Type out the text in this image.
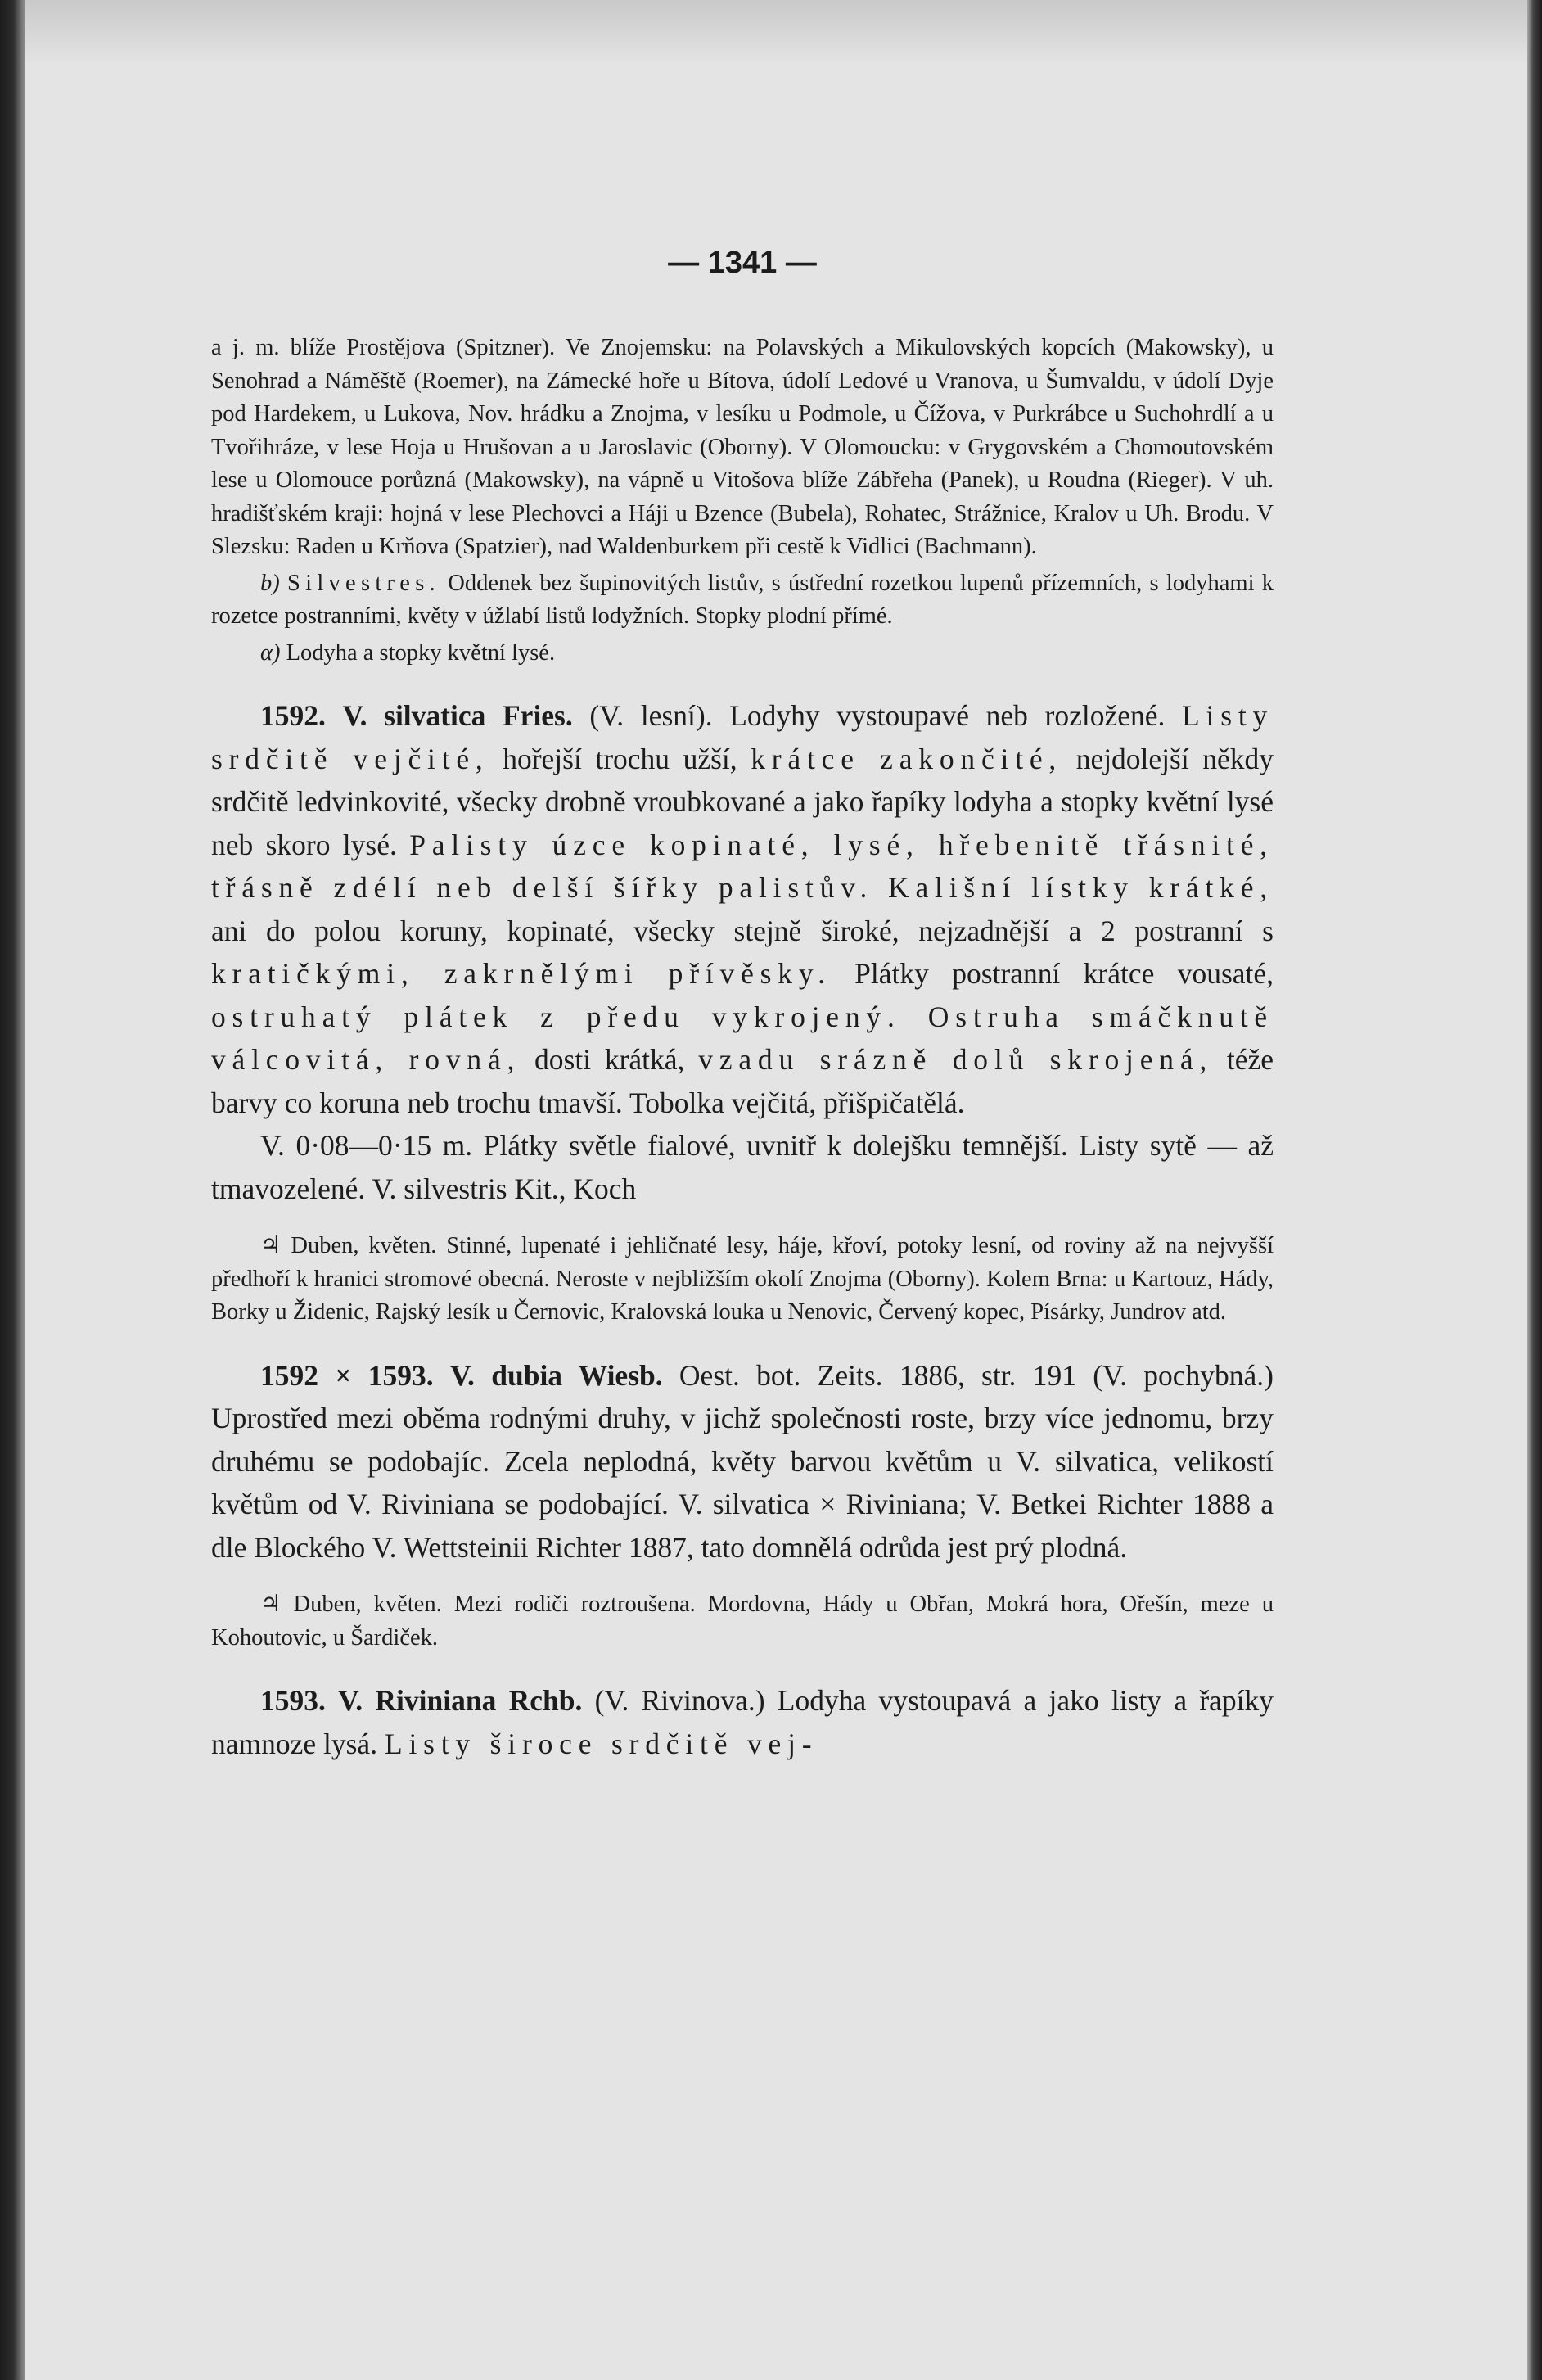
— 1341 —

a j. m. blíže Prostějova (Spitzner). Ve Znojemsku: na Polavských a Mikulovských kopcích (Makowsky), u Senohrad a Náměště (Roemer), na Zámecké hoře u Bítova, údolí Ledové u Vranova, u Šumvaldu, v údolí Dyje pod Hardekem, u Lukova, Nov. hrádku a Znojma, v lesíku u Podmole, u Čížova, v Purkrábce u Suchohrdlí a u Tvořihráze, v lese Hoja u Hrušovan a u Jaroslavic (Oborny). V Olomoucku: v Grygovském a Chomoutovském lese u Olomouce porůzná (Makowsky), na vápně u Vitošova blíže Zábřeha (Panek), u Roudna (Rieger). V uh. hradišťském kraji: hojná v lese Plechovci a Háji u Bzence (Bubela), Rohatec, Strážnice, Kralov u Uh. Brodu. V Slezsku: Raden u Krňova (Spatzier), nad Waldenburkem při cestě k Vidlici (Bachmann).

b) Silvestres. Oddenek bez šupinovitých listův, s ústřední rozetkou lupenů přízemních, s lodyhami k rozetce postranními, květy v úžlabí listů lodyžních. Stopky plodní přímé.

α) Lodyha a stopky květní lysé.

1592. V. silvatica Fries. (V. lesní). Lodyhy vystoupavé neb rozložené. Listy srdčitě vejčité, hořejší trochu užší, krátce zakončité, nejdolejší někdy srdčitě ledvinkovité, všecky drobně vroubkované a jako řapíky lodyha a stopky květní lysé neb skoro lysé. Palisty úzce kopinaté, lysé, hřebenitě třásnité, třásně zdélí neb delší šířky palistův. Kališní lístky krátké, ani do polou koruny, kopinaté, všecky stejně široké, nejzadnější a 2 postranní s kratičkými, zakrnělými přívěsky. Plátky postranní krátce vousaté, ostruhatý plátek z předu vykrojený. Ostruha smáčknutě válcovitá, rovná, dosti krátká, vzadu srázně dolů skrojená, téže barvy co koruna neb trochu tmavší. Tobolka vejčitá, přišpičatělá.

V. 0·08—0·15 m. Plátky světle fialové, uvnitř k dolejšku temnější. Listy sytě — až tmavozelené. V. silvestris Kit., Koch

♃ Duben, květen. Stinné, lupenaté i jehličnaté lesy, háje, křoví, potoky lesní, od roviny až na nejvyšší předhoří k hranici stromové obecná. Neroste v nejbližším okolí Znojma (Oborny). Kolem Brna: u Kartouz, Hády, Borky u Židenic, Rajský lesík u Černovic, Kralovská louka u Nenovic, Červený kopec, Písárky, Jundrov atd.

1592 × 1593. V. dubia Wiesb. Oest. bot. Zeits. 1886, str. 191 (V. pochybná.) Uprostřed mezi oběma rodnými druhy, v jichž společnosti roste, brzy více jednomu, brzy druhému se podobajíc. Zcela neplodná, květy barvou květům u V. silvatica, velikostí květům od V. Riviniana se podobající. V. silvatica × Riviniana; V. Betkei Richter 1888 a dle Blockého V. Wettsteinii Richter 1887, tato domnělá odrůda jest prý plodná.

♃ Duben, květen. Mezi rodiči roztroušena. Mordovna, Hády u Obřan, Mokrá hora, Ořešín, meze u Kohoutovic, u Šardiček.

1593. V. Riviniana Rchb. (V. Rivinova.) Lodyha vystoupavá a jako listy a řapíky namnoze lysá. Listy široce srdčitě vej-
